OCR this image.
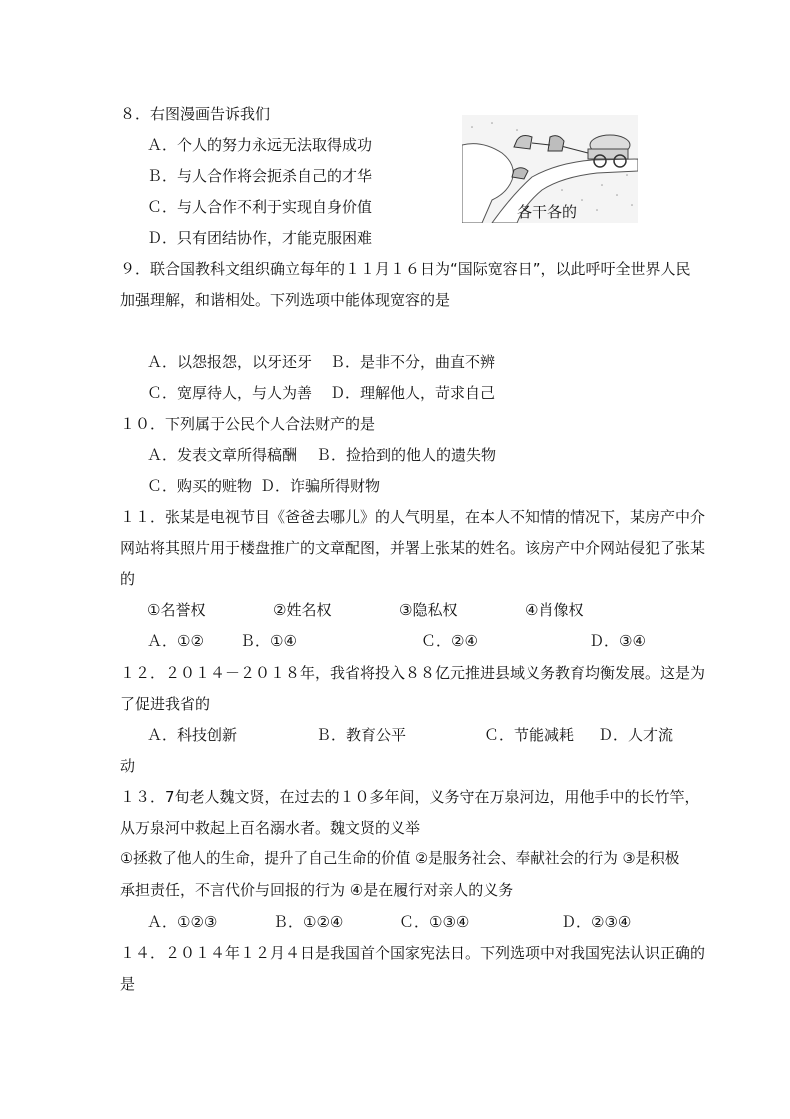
８．右图漫画告诉我们
Ａ．个人的努力永远无法取得成功
Ｂ．与人合作将会扼杀自己的才华
Ｃ．与人合作不利于实现自身价值
Ｄ．只有团结协作，才能克服困难
各干各的
９．联合国教科文组织确立每年的１１月１６日为“国际宽容日”，以此呼吁全世界人民
加强理解，和谐相处。下列选项中能体现宽容的是
Ａ．以怨报怨，以牙还牙 Ｂ．是非不分，曲直不辨
Ｃ．宽厚待人，与人为善 Ｄ．理解他人，苛求自己
１０．下列属于公民个人合法财产的是
Ａ．发表文章所得稿酬 Ｂ．捡拾到的他人的遗失物
Ｃ．购买的赃物 Ｄ．诈骗所得财物
１１．张某是电视节目《爸爸去哪儿》的人气明星，在本人不知情的情况下，某房产中介
网站将其照片用于楼盘推广的文章配图，并署上张某的姓名。该房产中介网站侵犯了张某
的
①名誉权	②姓名权	③隐私权	④肖像权
Ａ．①② Ｂ．①④	Ｃ．②④	Ｄ．③④
１２．２０１４－２０１８年，我省将投入８８亿元推进县域义务教育均衡发展。这是为
了促进我省的
Ａ．科技创新	Ｂ．教育公平	Ｃ．节能减耗 Ｄ．人才流
动
１３．7旬老人魏文贤，在过去的１０多年间，义务守在万泉河边，用他手中的长竹竿，
从万泉河中救起上百名溺水者。魏文贤的义举
①拯救了他人的生命，提升了自己生命的价值 ②是服务社会、奉献社会的行为 ③是积极
承担责任，不言代价与回报的行为 ④是在履行对亲人的义务
Ａ．①②③	Ｂ．①②④	Ｃ．①③④	Ｄ．②③④
１４．２０１４年１２月４日是我国首个国家宪法日。下列选项中对我国宪法认识正确的
是
